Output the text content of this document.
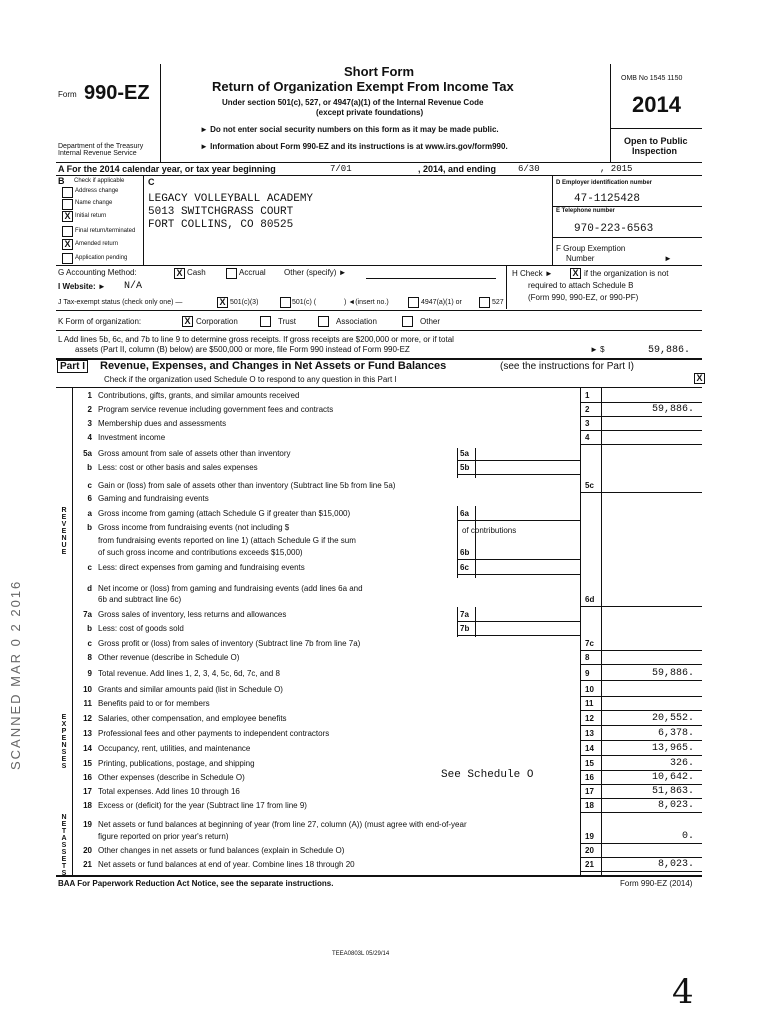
Form 990-EZ
Department of the Treasury
Internal Revenue Service
Short Form
Return of Organization Exempt From Income Tax
Under section 501(c), 527, or 4947(a)(1) of the Internal Revenue Code
(except private foundations)
► Do not enter social security numbers on this form as it may be made public.
► Information about Form 990-EZ and its instructions is at www.irs.gov/form990.
OMB No 1545 1150
2014
Open to Public
Inspection
A For the 2014 calendar year, or tax year beginning	7/01	, 2014, and ending 6/30	, 2015
B Check if applicable
Address change
Name change
X Initial return
Final return/terminated
X Amended return
Application pending
C
LEGACY VOLLEYBALL ACADEMY
5013 SWITCHGRASS COURT
FORT COLLINS, CO 80525
D Employer identification number
47-1125428
E Telephone number
970-223-6563
F Group Exemption
Number	►
G Accounting Method:	X Cash	Accrual Other (specify) ►	H Check ► X if the organization is not
required to attach Schedule B
(Form 990, 990-EZ, or 990-PF)
I Website: ► N/A
J Tax-exempt status (check only one) —	X 501(c)(3)	501(c) (	) ◄(insert no.)	4947(a)(1) or	527
K Form of organization:	X Corporation	Trust	Association	Other
L Add lines 5b, 6c, and 7b to line 9 to determine gross receipts. If gross receipts are $200,000 or more, or if total
assets (Part II, column (B) below) are $500,000 or more, file Form 990 instead of Form 990-EZ	► $	59,886.
Part I Revenue, Expenses, and Changes in Net Assets or Fund Balances	(see the instructions for Part I)
Check if the organization used Schedule O to respond to any question in this Part I	X
REVENUE
EXPENSES
NETASSETS
1 Contributions, gifts, grants, and similar amounts received	1
2 Program service revenue including government fees and contracts	2	59,886.
3 Membership dues and assessments	3
4 Investment income	4
5a Gross amount from sale of assets other than inventory	5a
b Less: cost or other basis and sales expenses	5b
c Gain or (loss) from sale of assets other than inventory (Subtract line 5b from line 5a)	5c
6 Gaming and fundraising events
a Gross income from gaming (attach Schedule G if greater than $15,000)	6a
b Gross income from fundraising events (not including $
from fundraising events reported on line 1) (attach Schedule G if the sum
of such gross income and contributions exceeds $15,000)	6b
c Less: direct expenses from gaming and fundraising events	6c
d Net income or (loss) from gaming and fundraising events (add lines 6a and
6b and subtract line 6c)	6d
7a Gross sales of inventory, less returns and allowances	7a
b Less: cost of goods sold	7b
c Gross profit or (loss) from sales of inventory (Subtract line 7b from line 7a)	7c
8 Other revenue (describe in Schedule O)	8
9 Total revenue. Add lines 1, 2, 3, 4, 5c, 6d, 7c, and 8	9	59,886.
10 Grants and similar amounts paid (list in Schedule O)	10
11 Benefits paid to or for members	11
12 Salaries, other compensation, and employee benefits	12	20,552.
13 Professional fees and other payments to independent contractors	13	6,378.
14 Occupancy, rent, utilities, and maintenance	14	13,965.
15 Printing, publications, postage, and shipping	15	326.
16 Other expenses (describe in Schedule O)	16	10,642.
17 Total expenses. Add lines 10 through 16	17	51,863.
18 Excess or (deficit) for the year (Subtract line 17 from line 9)	18	8,023.
19 Net assets or fund balances at beginning of year (from line 27, column (A)) (must agree with end-of-year
figure reported on prior year's return)	19	0.
20 Other changes in net assets or fund balances (explain in Schedule O)	20
21 Net assets or fund balances at end of year. Combine lines 18 through 20	21	8,023.
of contributions
See Schedule O
BAA For Paperwork Reduction Act Notice, see the separate instructions.	Form 990-EZ (2014)
TEEA0803L 05/29/14
4
SCANNED MAR 0 2 2016
